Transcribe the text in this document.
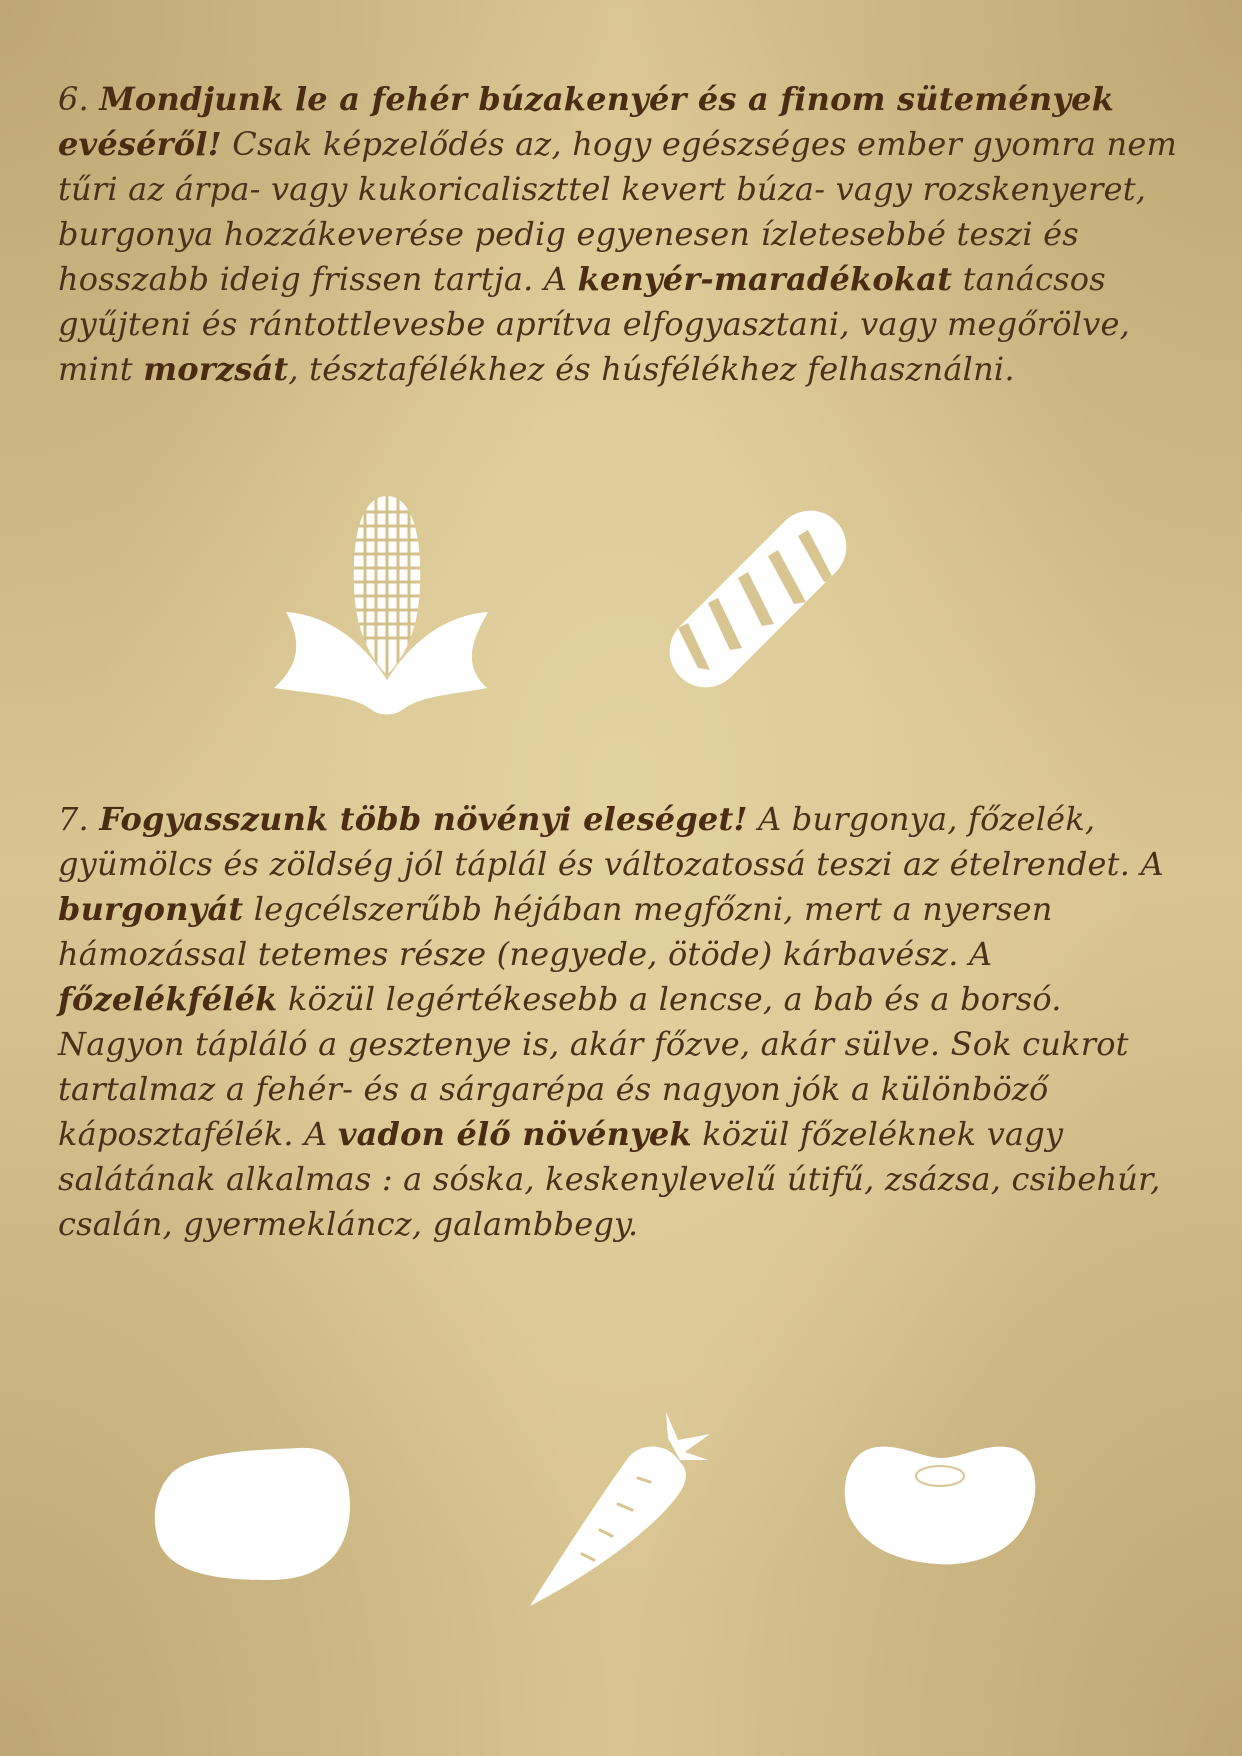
6. Mondjunk le a fehér búzakenyér és a finom sütemények evéséről! Csak képzelődés az, hogy egészséges ember gyomra nem tűri az árpa- vagy kukoricaliszttel kevert búza- vagy rozskenyeret, burgonya hozzákeverése pedig egyenesen ízletesebbé teszi és hosszabb ideig frissen tartja. A kenyér-maradékokat tanácsos gyűjteni és rántottlevesbe aprítva elfogyasztani, vagy megőrölve, mint morzsát, tésztafélékhez és húsfélékhez felhasználni.
7. Fogyasszunk több növényi eleséget! A burgonya, főzelék, gyümölcs és zöldség jól táplál és változatossá teszi az ételrendet. A burgonyát legcélszerűbb héjában megfőzni, mert a nyersen hámozással tetemes része (negyede, ötöde) kárbavész. A főzelékfélék közül legértékesebb a lencse, a bab és a borsó. Nagyon tápláló a gesztenye is, akár főzve, akár sülve. Sok cukrot tartalmaz a fehér- és a sárgarépa és nagyon jók a különböző káposztafélék. A vadon élő növények közül főzeléknek vagy salátának alkalmas : a sóska, keskenylevelű útifű, zsázsa, csibehúr, csalán, gyermekláncz, galambbegy.
